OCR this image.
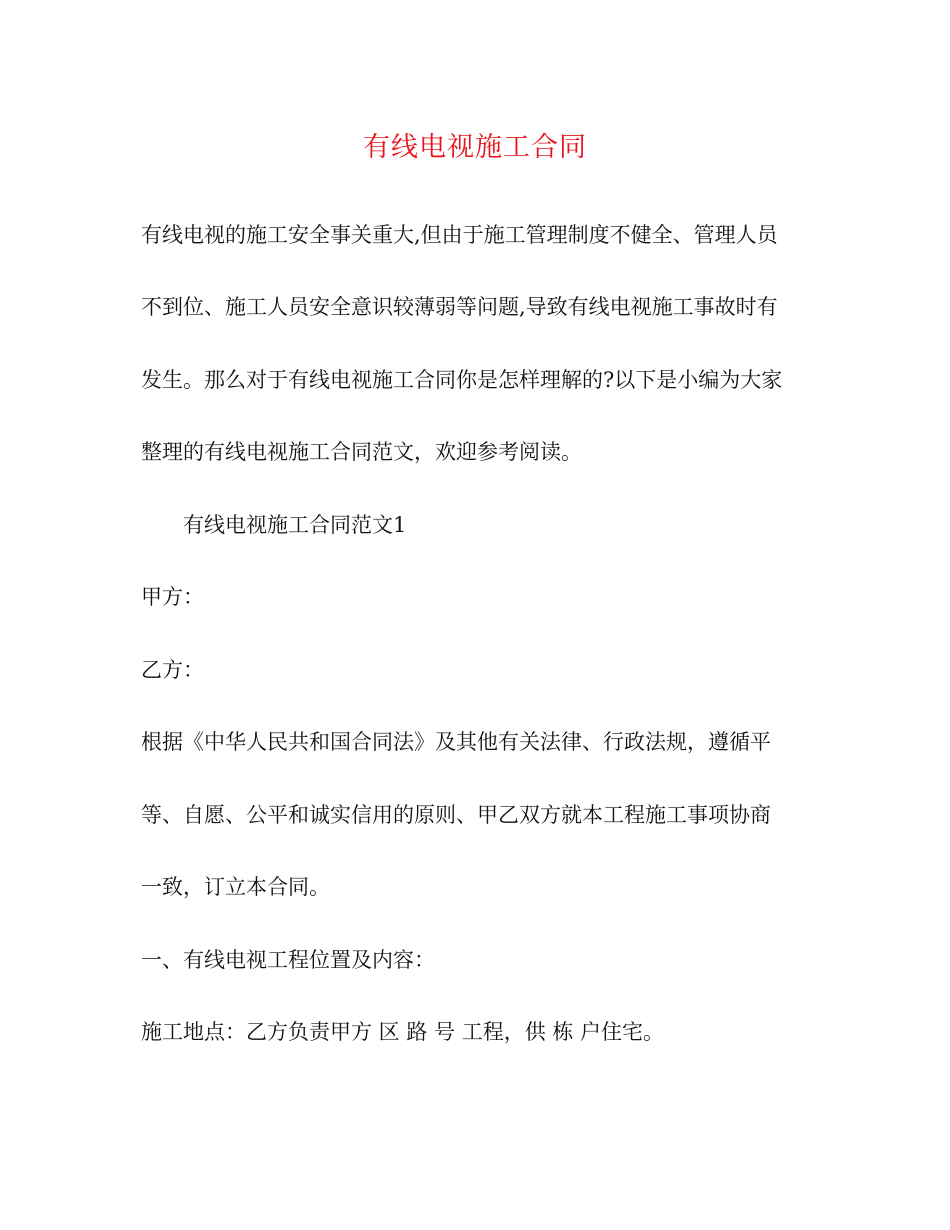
有线电视施工合同
有线电视的施工安全事关重大,但由于施工管理制度不健全、管理人员
不到位、施工人员安全意识较薄弱等问题,导致有线电视施工事故时有
发生。那么对于有线电视施工合同你是怎样理解的?以下是小编为大家
整理的有线电视施工合同范文，欢迎参考阅读。
有线电视施工合同范文1
甲方：
乙方：
根据《中华人民共和国合同法》及其他有关法律、行政法规，遵循平
等、自愿、公平和诚实信用的原则、甲乙双方就本工程施工事项协商
一致，订立本合同。
一、有线电视工程位置及内容：
施工地点：乙方负责甲方 区 路 号 工程，供 栋 户住宅。
